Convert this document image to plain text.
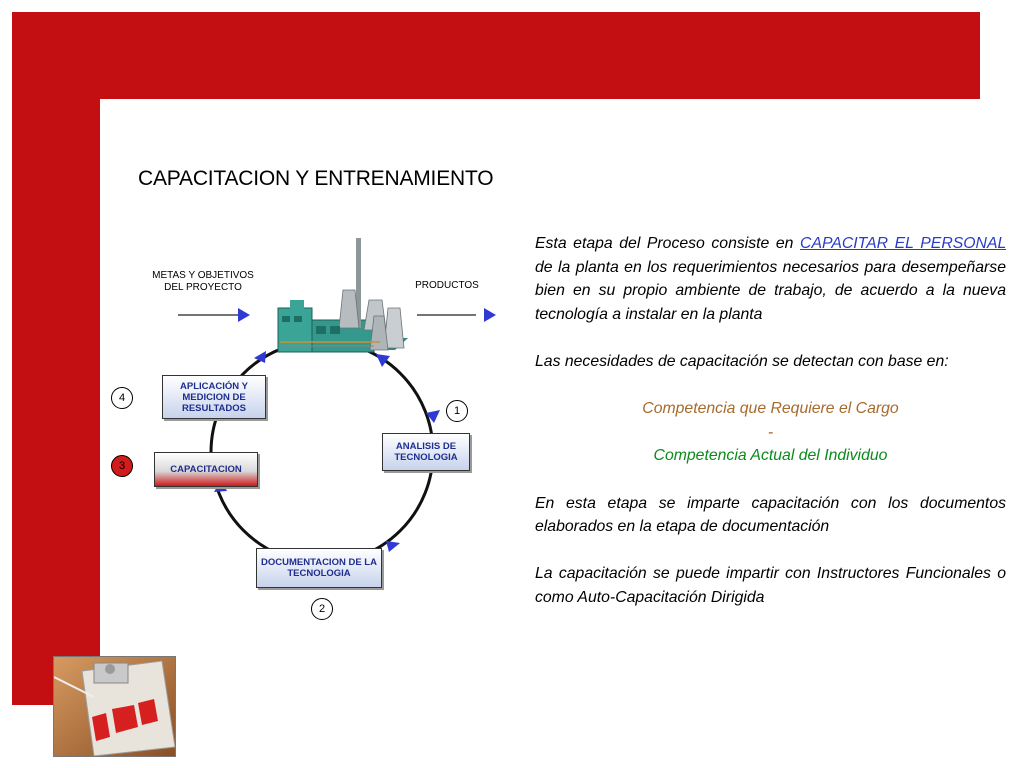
CAPACITACION Y ENTRENAMIENTO
METAS Y OBJETIVOS
DEL PROYECTO	PRODUCTOS
APLICACIÓN Y MEDICION DE RESULTADOS
ANALISIS DE TECNOLOGIA
CAPACITACION
DOCUMENTACION DE LA TECNOLOGIA
4
1
3
2

Esta etapa del Proceso consiste en CAPACITAR EL PERSONAL de la planta en los requerimientos necesarios para desempeñarse bien en su propio ambiente de trabajo, de acuerdo a la nueva tecnología a instalar en la planta

Las necesidades de capacitación se detectan con base en:

Competencia que Requiere el Cargo

-

Competencia Actual del Individuo

En esta etapa se imparte capacitación con los documentos elaborados en la etapa de documentación

La capacitación se puede impartir con Instructores Funcionales o como Auto-Capacitación Dirigida
